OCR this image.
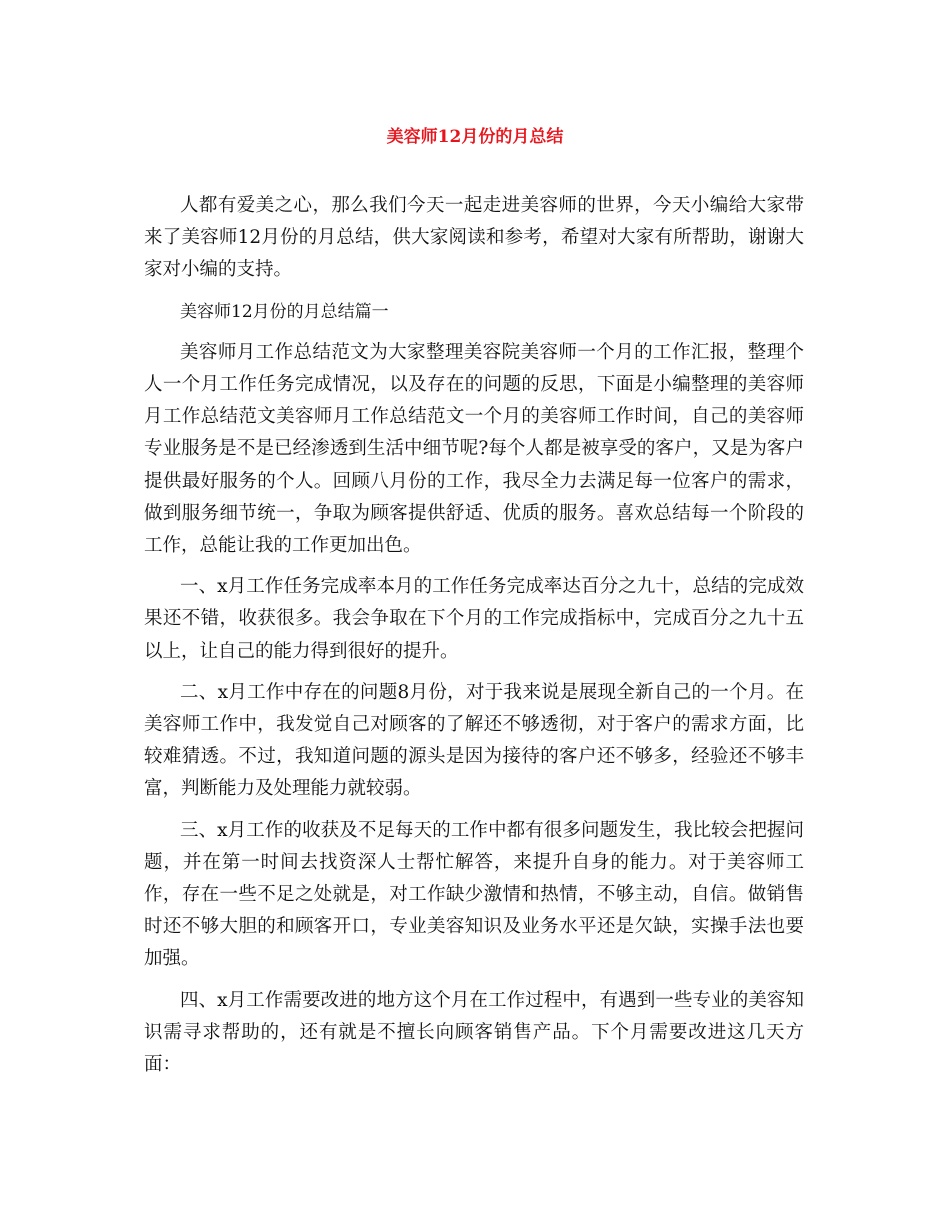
美容师12月份的月总结

人都有爱美之心，那么我们今天一起走进美容师的世界，今天小编给大家带来了美容师12月份的月总结，供大家阅读和参考，希望对大家有所帮助，谢谢大家对小编的支持。

美容师12月份的月总结篇一

美容师月工作总结范文为大家整理美容院美容师一个月的工作汇报，整理个人一个月工作任务完成情况，以及存在的问题的反思，下面是小编整理的美容师月工作总结范文美容师月工作总结范文一个月的美容师工作时间，自己的美容师专业服务是不是已经渗透到生活中细节呢?每个人都是被享受的客户，又是为客户提供最好服务的个人。回顾八月份的工作，我尽全力去满足每一位客户的需求，做到服务细节统一，争取为顾客提供舒适、优质的服务。喜欢总结每一个阶段的工作，总能让我的工作更加出色。

一、x月工作任务完成率本月的工作任务完成率达百分之九十，总结的完成效果还不错，收获很多。我会争取在下个月的工作完成指标中，完成百分之九十五以上，让自己的能力得到很好的提升。

二、x月工作中存在的问题8月份，对于我来说是展现全新自己的一个月。在美容师工作中，我发觉自己对顾客的了解还不够透彻，对于客户的需求方面，比较难猜透。不过，我知道问题的源头是因为接待的客户还不够多，经验还不够丰富，判断能力及处理能力就较弱。

三、x月工作的收获及不足每天的工作中都有很多问题发生，我比较会把握问题，并在第一时间去找资深人士帮忙解答，来提升自身的能力。对于美容师工作，存在一些不足之处就是，对工作缺少激情和热情，不够主动，自信。做销售时还不够大胆的和顾客开口，专业美容知识及业务水平还是欠缺，实操手法也要加强。

四、x月工作需要改进的地方这个月在工作过程中，有遇到一些专业的美容知识需寻求帮助的，还有就是不擅长向顾客销售产品。下个月需要改进这几天方面：
